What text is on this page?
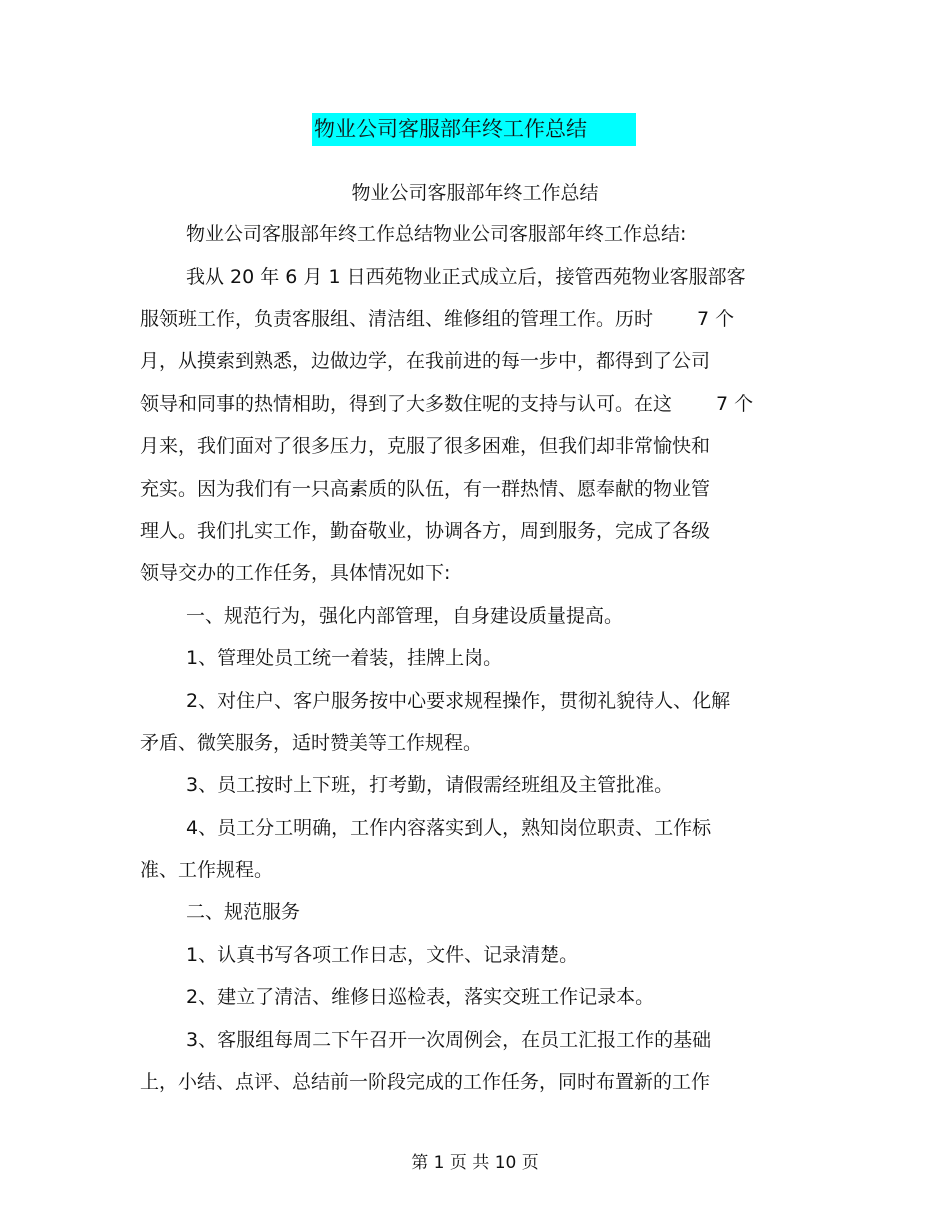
物业公司客服部年终工作总结
物业公司客服部年终工作总结
物业公司客服部年终工作总结物业公司客服部年终工作总结:
我从 20 年 6 月 1 日西苑物业正式成立后，接管西苑物业客服部客
服领班工作，负责客服组、清洁组、维修组的管理工作。历时 7 个
月，从摸索到熟悉，边做边学，在我前进的每一步中，都得到了公司
领导和同事的热情相助，得到了大多数住呢的支持与认可。在这 7 个
月来，我们面对了很多压力，克服了很多困难，但我们却非常愉快和
充实。因为我们有一只高素质的队伍，有一群热情、愿奉献的物业管
理人。我们扎实工作，勤奋敬业，协调各方，周到服务，完成了各级
领导交办的工作任务，具体情况如下:
一、规范行为，强化内部管理，自身建设质量提高。
1、管理处员工统一着装，挂牌上岗。
2、对住户、客户服务按中心要求规程操作，贯彻礼貌待人、化解
矛盾、微笑服务，适时赞美等工作规程。
3、员工按时上下班，打考勤，请假需经班组及主管批准。
4、员工分工明确，工作内容落实到人，熟知岗位职责、工作标
准、工作规程。
二、规范服务
1、认真书写各项工作日志，文件、记录清楚。
2、建立了清洁、维修日巡检表，落实交班工作记录本。
3、客服组每周二下午召开一次周例会，在员工汇报工作的基础
上，小结、点评、总结前一阶段完成的工作任务，同时布置新的工作
第 1 页 共 10 页
